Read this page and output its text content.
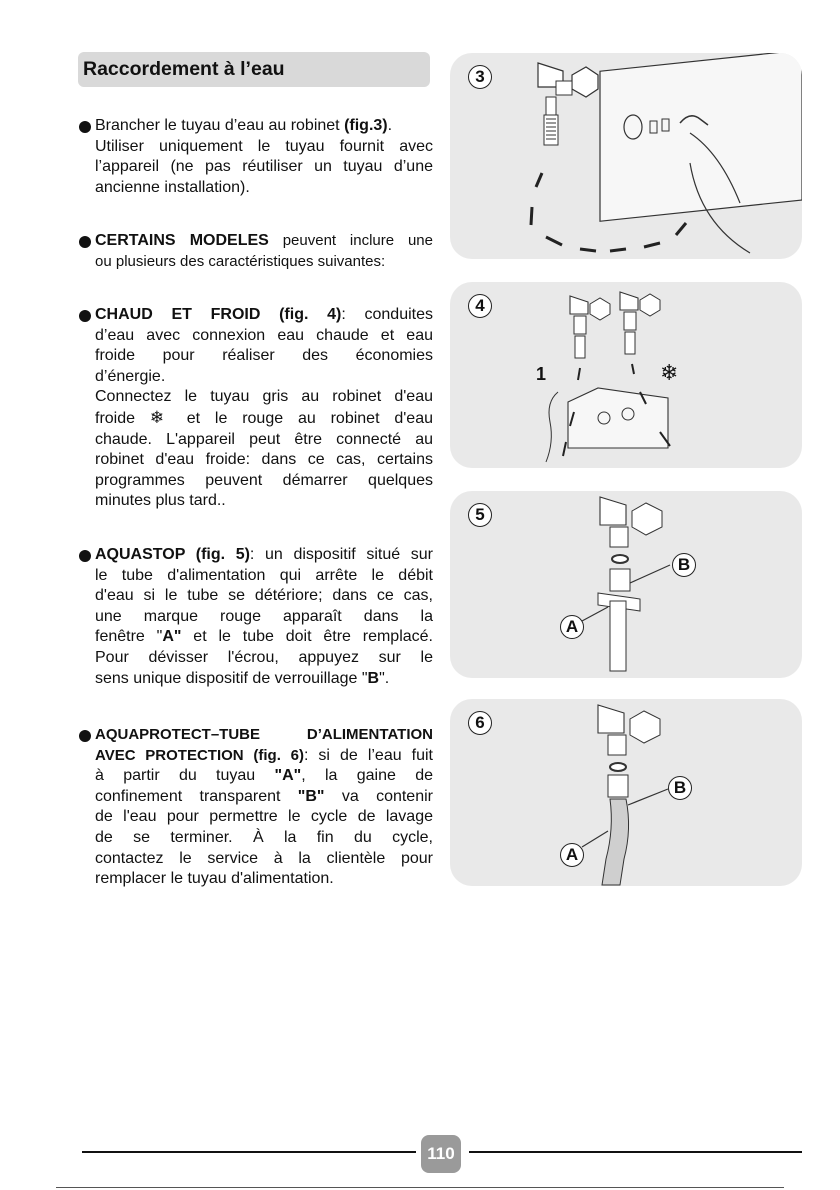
Raccordement à l’eau
Brancher le tuyau d’eau au robinet (fig.3).
Utiliser uniquement le tuyau fournit avec
l’appareil (ne pas réutiliser un tuyau d’une
ancienne installation).
CERTAINS MODELES peuvent inclure une
ou plusieurs des caractéristiques suivantes:
CHAUD ET FROID (fig. 4): conduites
d’eau avec connexion eau chaude et eau
froide pour réaliser des économies
d’énergie.
Connectez le tuyau gris au robinet d'eau
froide ❄ et le rouge au robinet d'eau
chaude. L'appareil peut être connecté au
robinet d'eau froide: dans ce cas, certains
programmes peuvent démarrer quelques
minutes plus tard..
AQUASTOP (fig. 5): un dispositif situé sur
le tube d'alimentation qui arrête le débit
d'eau si le tube se détériore; dans ce cas,
une marque rouge apparaît dans la
fenêtre "A" et le tube doit être remplacé.
Pour dévisser l'écrou, appuyez sur le
sens unique dispositif de verrouillage "B".
AQUAPROTECT–TUBE D’ALIMENTATION
AVEC PROTECTION (fig. 6): si de l’eau fuit
à partir du tuyau "A", la gaine de
confinement transparent "B" va contenir
de l'eau pour permettre le cycle de lavage
de se terminer. À la fin du cycle,
contactez le service à la clientèle pour
remplacer le tuyau d'alimentation.
3
4
1	❄
5
B
A
6
B
A
110
